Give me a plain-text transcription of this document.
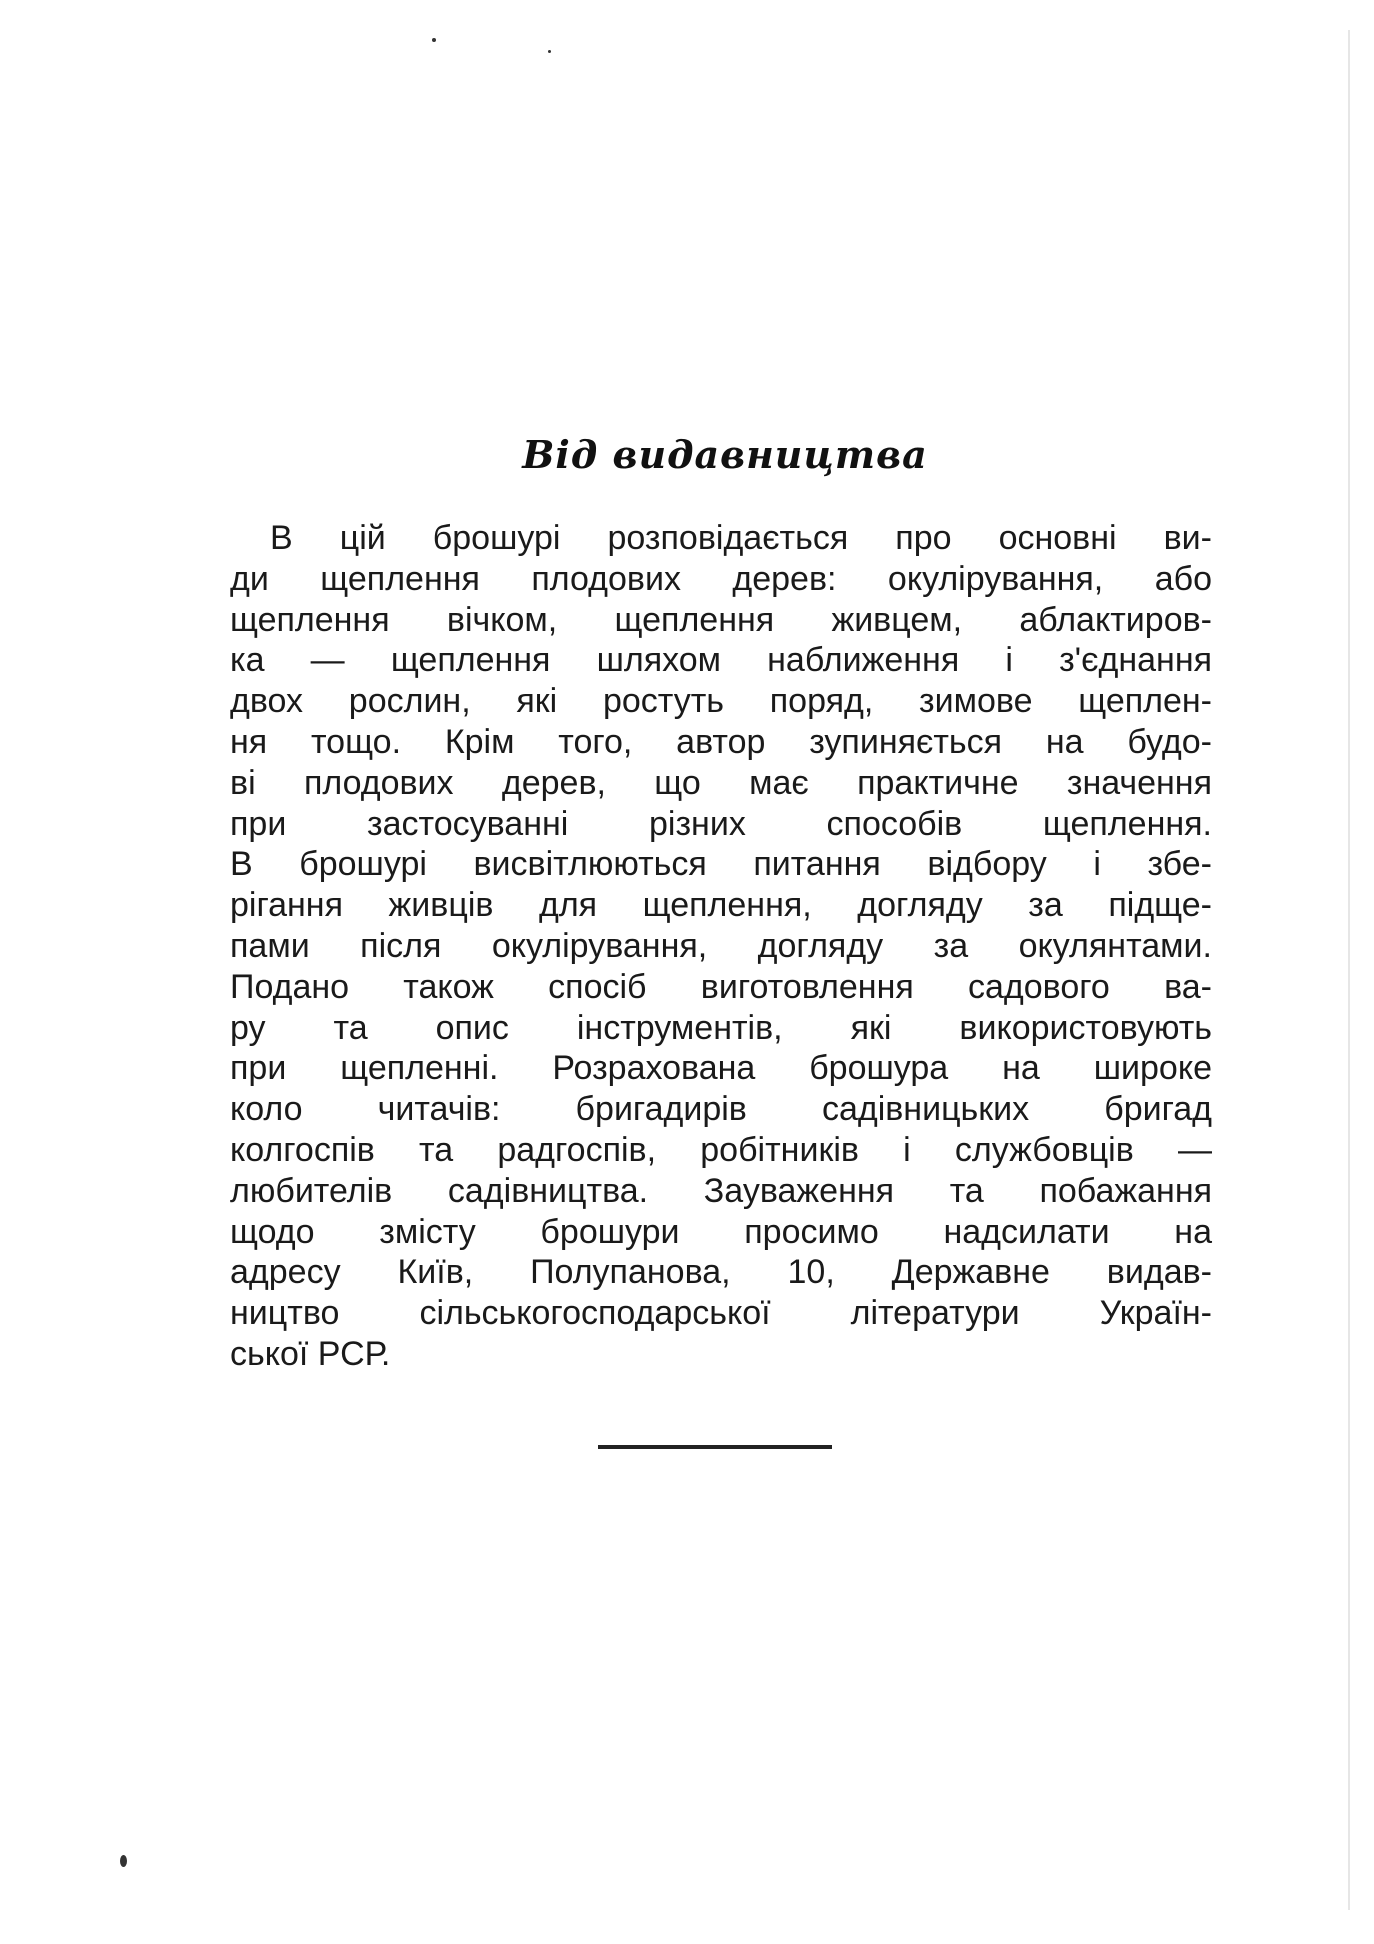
Від видавництва
В цій брошурі розповідається про основні ви-
ди щеплення плодових дерев: окулірування, або
щеплення вічком, щеплення живцем, аблактиров-
ка — щеплення шляхом наближення і з'єднання
двох рослин, які ростуть поряд, зимове щеплен-
ня тощо. Крім того, автор зупиняється на будо-
ві плодових дерев, що має практичне значення
при застосуванні різних способів щеплення.
В брошурі висвітлюються питання відбору і збе-
рігання живців для щеплення, догляду за підще-
пами після окулірування, догляду за окулянтами.
Подано також спосіб виготовлення садового ва-
ру та опис інструментів, які використовують
при щепленні. Розрахована брошура на широке
коло читачів: бригадирів садівницьких бригад
колгоспів та радгоспів, робітників і службовців —
любителів садівництва. Зауваження та побажання
щодо змісту брошури просимо надсилати на
адресу Київ, Полупанова, 10, Державне видав-
ництво сільськогосподарської літератури Україн-
ської РСР.
